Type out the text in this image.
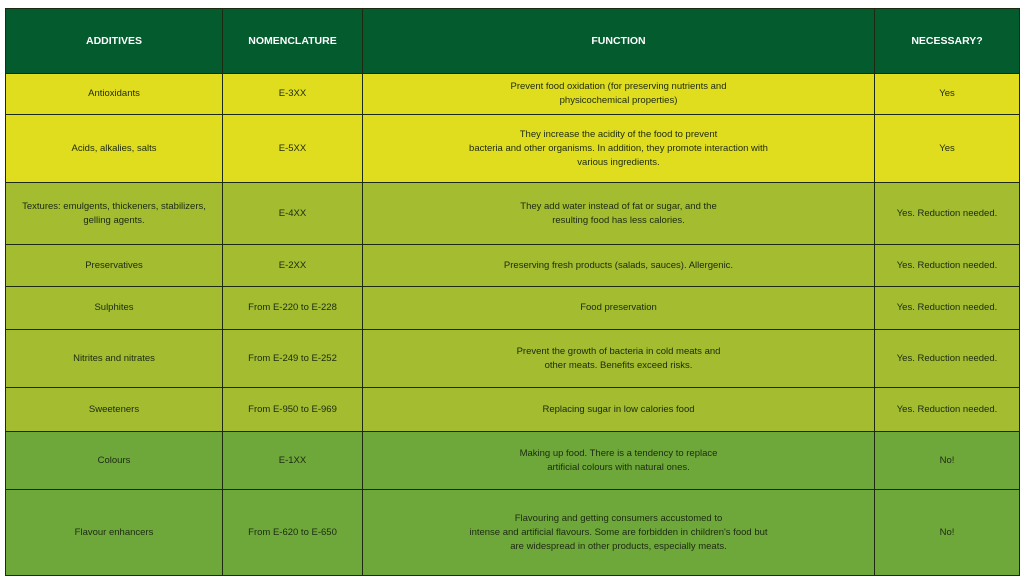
ADDITIVES	NOMENCLATURE	FUNCTION	NECESSARY?
Antioxidants	E-3XX	Prevent food oxidation (for preserving nutrients and
physicochemical properties)	Yes
Acids, alkalies, salts	E-5XX	They increase the acidity of the food to prevent
bacteria and other organisms. In addition, they promote interaction with
various ingredients.	Yes

Textures: emulgents, thickeners, stabilizers,
gelling agents.	E-4XX	They add water instead of fat or sugar, and the
resulting food has less calories.	Yes. Reduction needed.
Preservatives	E-2XX	Preserving fresh products (salads, sauces). Allergenic.	Yes. Reduction needed.
Sulphites	From E-220 to E-228	Food preservation	Yes. Reduction needed.
Nitrites and nitrates	From E-249 to E-252	Prevent the growth of bacteria in cold meats and
other meats. Benefits exceed risks.	Yes. Reduction needed.
Sweeteners	From E-950 to E-969	Replacing sugar in low calories food	Yes. Reduction needed.
Colours	E-1XX	Making up food. There is a tendency to replace
artificial colours with natural ones.	No!
Flavour enhancers	From E-620 to E-650	Flavouring and getting consumers accustomed to
intense and artificial flavours. Some are forbidden in children's food but
are widespread in other products, especially meats.	No!
